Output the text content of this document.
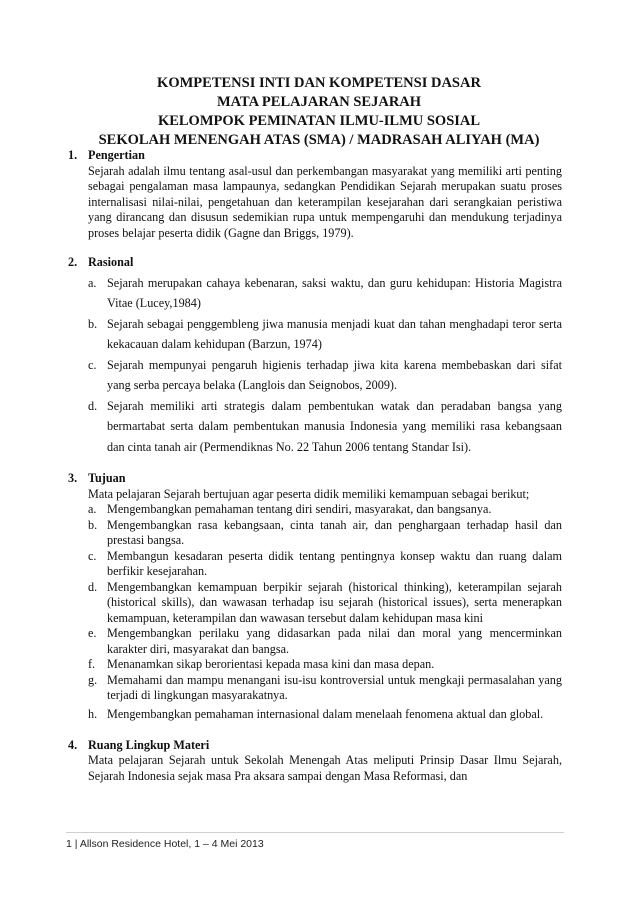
KOMPETENSI INTI DAN KOMPETENSI DASAR
MATA PELAJARAN SEJARAH
KELOMPOK PEMINATAN ILMU-ILMU SOSIAL
SEKOLAH MENENGAH ATAS (SMA) / MADRASAH ALIYAH (MA)
1. Pengertian

Sejarah adalah ilmu tentang asal-usul dan perkembangan masyarakat yang memiliki arti penting sebagai pengalaman masa lampaunya, sedangkan Pendidikan Sejarah merupakan suatu proses internalisasi nilai-nilai, pengetahuan dan keterampilan kesejarahan dari serangkaian peristiwa yang dirancang dan disusun sedemikian rupa untuk mempengaruhi dan mendukung terjadinya proses belajar peserta didik (Gagne dan Briggs, 1979).

2. Rasional
a. Sejarah merupakan cahaya kebenaran, saksi waktu, dan guru kehidupan: Historia Magistra Vitae (Lucey,1984)
b. Sejarah sebagai penggembleng jiwa manusia menjadi kuat dan tahan menghadapi teror serta kekacauan dalam kehidupan (Barzun, 1974)
c. Sejarah mempunyai pengaruh higienis terhadap jiwa kita karena membebaskan dari sifat yang serba percaya belaka (Langlois dan Seignobos, 2009).
d. Sejarah memiliki arti strategis dalam pembentukan watak dan peradaban bangsa yang bermartabat serta dalam pembentukan manusia Indonesia yang memiliki rasa kebangsaan dan cinta tanah air (Permendiknas No. 22 Tahun 2006 tentang Standar Isi).
3. Tujuan

Mata pelajaran Sejarah bertujuan agar peserta didik memiliki kemampuan sebagai berikut;

a. Mengembangkan pemahaman tentang diri sendiri, masyarakat, dan bangsanya.
b. Mengembangkan rasa kebangsaan, cinta tanah air, dan penghargaan terhadap hasil dan prestasi bangsa.
c. Membangun kesadaran peserta didik tentang pentingnya konsep waktu dan ruang dalam berfikir kesejarahan.
d. Mengembangkan kemampuan berpikir sejarah (historical thinking), keterampilan sejarah (historical skills), dan wawasan terhadap isu sejarah (historical issues), serta menerapkan kemampuan, keterampilan dan wawasan tersebut dalam kehidupan masa kini
e. Mengembangkan perilaku yang didasarkan pada nilai dan moral yang mencerminkan karakter diri, masyarakat dan bangsa.
f. Menanamkan sikap berorientasi kepada masa kini dan masa depan.
g. Memahami dan mampu menangani isu-isu kontroversial untuk mengkaji permasalahan yang terjadi di lingkungan masyarakatnya.
h. Mengembangkan pemahaman internasional dalam menelaah fenomena aktual dan global.
4. Ruang Lingkup Materi

Mata pelajaran Sejarah untuk Sekolah Menengah Atas meliputi Prinsip Dasar Ilmu Sejarah, Sejarah Indonesia sejak masa Pra aksara sampai dengan Masa Reformasi, dan

1 | Allson Residence Hotel, 1 – 4 Mei 2013
